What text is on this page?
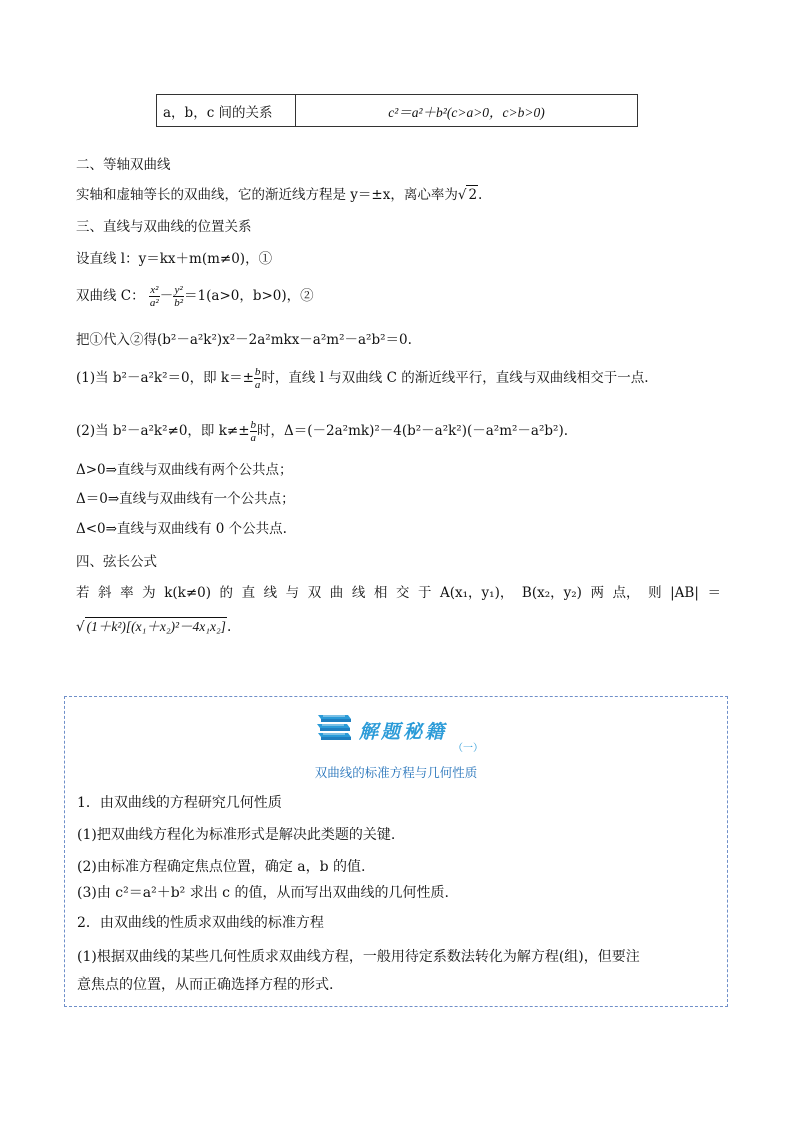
a，b，c 间的关系	c²＝a²＋b²(c>a>0，c>b>0)
二、等轴双曲线
实轴和虚轴等长的双曲线，它的渐近线方程是 y＝±x，离心率为√ 2.
三、直线与双曲线的位置关系
设直线 l：y＝kx＋m(m≠0)，①
双曲线 C： $\frac{\text{x²}}{\text{a²}} - \frac{\text{y²}}{\text{b²}} =1(a>0$，b>0)，②
把①代入②得(b²－a²k²)x²－2a²mkx－a²m²－a²b²＝0.
(1)当 b²－a²k²＝0，即 $k=\pm \frac{b}{a}$ 时，直线 l 与双曲线 C 的渐近线平行，直线与双曲线相交于一点.
(2)当 b²－a²k²≠0，即 $k\ne\pm \frac{b}{a}$ 时，Δ＝(－2a²mk)²－4(b²－a²k²)(－a²m²－a²b²).
Δ>0⇒直线与双曲线有两个公共点；
Δ＝0⇒直线与双曲线有一个公共点；
Δ<0⇒直线与双曲线有 0 个公共点.
四、弦长公式
若 斜 率 为 k(k≠0) 的 直 线 与 双 曲 线 相 交 于 A(x₁，y₁)， B(x₂，y₂) 两 点， 则 |AB| ＝
√ (1＋k²)[(x₁＋x₂)²－4x₁x₂].
解题秘籍
（一）
双曲线的标准方程与几何性质
1．由双曲线的方程研究几何性质
(1)把双曲线方程化为标准形式是解决此类题的关键.
(2)由标准方程确定焦点位置，确定 a，b 的值.
(3)由 c²＝a²＋b² 求出 c 的值，从而写出双曲线的几何性质.
2．由双曲线的性质求双曲线的标准方程
(1)根据双曲线的某些几何性质求双曲线方程，一般用待定系数法转化为解方程(组)，但要注
意焦点的位置，从而正确选择方程的形式.
